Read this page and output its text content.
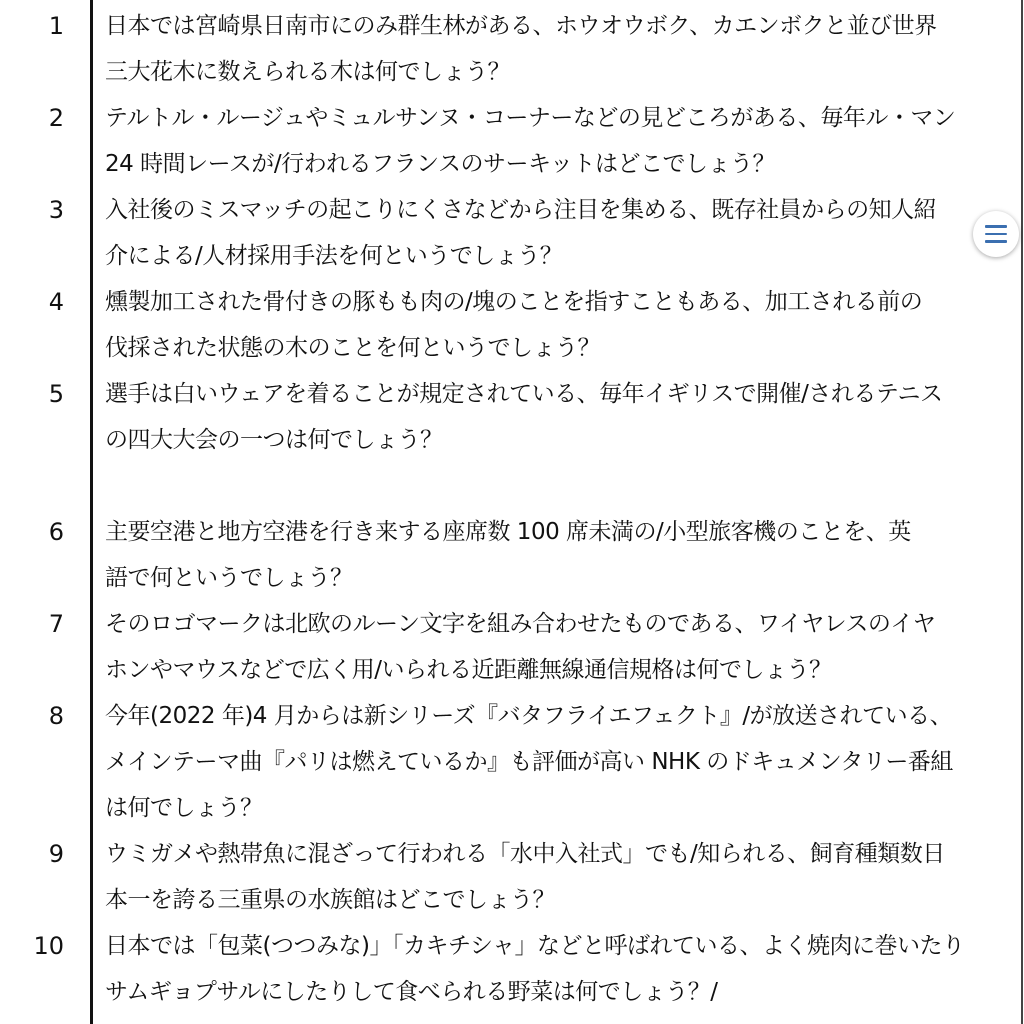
1	日本では宮崎県日南市にのみ群生林がある、ホウオウボク、カエンボクと並び世界
三大花木に数えられる木は何でしょう？
2	テルトル・ルージュやミュルサンヌ・コーナーなどの見どころがある、毎年ル・マン
24 時間レースが/行われるフランスのサーキットはどこでしょう？
3	入社後のミスマッチの起こりにくさなどから注目を集める、既存社員からの知人紹
介による/人材採用手法を何というでしょう？
4	燻製加工された骨付きの豚もも肉の/塊のことを指すこともある、加工される前の
伐採された状態の木のことを何というでしょう？
5	選手は白いウェアを着ることが規定されている、毎年イギリスで開催/されるテニス
の四大大会の一つは何でしょう？
6	主要空港と地方空港を行き来する座席数 100 席未満の/小型旅客機のことを、英
語で何というでしょう？
7	そのロゴマークは北欧のルーン文字を組み合わせたものである、ワイヤレスのイヤ
ホンやマウスなどで広く用/いられる近距離無線通信規格は何でしょう？
8	今年(2022 年)4 月からは新シリーズ『バタフライエフェクト』/が放送されている、
メインテーマ曲『パリは燃えているか』も評価が高い NHK のドキュメンタリー番組
は何でしょう？
9	ウミガメや熱帯魚に混ざって行われる「水中入社式」でも/知られる、飼育種類数日
本一を誇る三重県の水族館はどこでしょう？
10	日本では「包菜(つつみな)」「カキチシャ」などと呼ばれている、よく焼肉に巻いたり
サムギョプサルにしたりして食べられる野菜は何でしょう？/
